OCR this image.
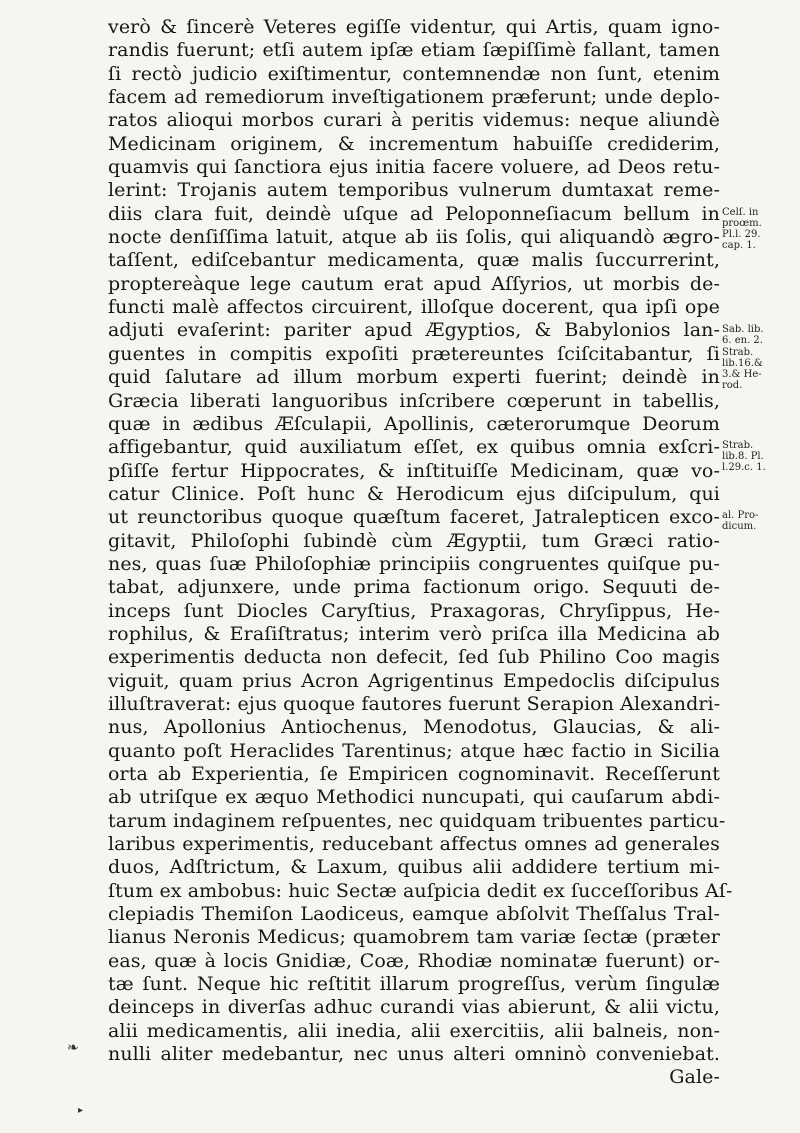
verò & ſincerè Veteres egiſſe videntur, qui Artis, quam igno-
randis fuerunt; etſi autem ipſæ etiam ſæpiſſimè fallant, tamen
ſi rectò judicio exiſtimentur, contemnendæ non ſunt, etenim
facem ad remediorum inveſtigationem præferunt; unde deplo-
ratos alioqui morbos curari à peritis videmus: neque aliundè
Medicinam originem, & incrementum habuiſſe crediderim,
quamvis qui ſanctiora ejus initia facere voluere, ad Deos retu-
lerint: Trojanis autem temporibus vulnerum dumtaxat reme-
diis clara fuit, deindè uſque ad Peloponneſiacum bellum in
nocte denſiſſima latuit, atque ab iis ſolis, qui aliquandò ægro-
taſſent, ediſcebantur medicamenta, quæ malis ſuccurrerint,
proptereàque lege cautum erat apud Aſſyrios, ut morbis de-
functi malè affectos circuirent, illoſque docerent, qua ipſi ope
adjuti evaſerint: pariter apud Ægyptios, & Babylonios lan-
guentes in compitis expoſiti prætereuntes ſciſcitabantur, ſi
quid ſalutare ad illum morbum experti fuerint; deindè in
Græcia liberati languoribus inſcribere cœperunt in tabellis,
quæ in ædibus Æſculapii, Apollinis, cæterorumque Deorum
affigebantur, quid auxiliatum eſſet, ex quibus omnia exſcri-
pſiſſe fertur Hippocrates, & inſtituiſſe Medicinam, quæ vo-
catur Clinice. Poſt hunc & Herodicum ejus diſcipulum, qui
ut reunctoribus quoque quæſtum faceret, Jatralepticen exco-
gitavit, Philoſophi ſubindè cùm Ægyptii, tum Græci ratio-
nes, quas ſuæ Philoſophiæ principiis congruentes quiſque pu-
tabat, adjunxere, unde prima factionum origo. Sequuti de-
inceps ſunt Diocles Caryſtius, Praxagoras, Chryſippus, He-
rophilus, & Eraſiſtratus; interim verò priſca illa Medicina ab
experimentis deducta non defecit, ſed ſub Philino Coo magis
viguit, quam prius Acron Agrigentinus Empedoclis diſcipulus
illuſtraverat: ejus quoque fautores fuerunt Serapion Alexandri-
nus, Apollonius Antiochenus, Menodotus, Glaucias, & ali-
quanto poſt Heraclides Tarentinus; atque hæc factio in Sicilia
orta ab Experientia, ſe Empiricen cognominavit. Receſſerunt
ab utriſque ex æquo Methodici nuncupati, qui cauſarum abdi-
tarum indaginem reſpuentes, nec quidquam tribuentes particu-
laribus experimentis, reducebant affectus omnes ad generales
duos, Adſtrictum, & Laxum, quibus alii addidere tertium mi-
ſtum ex ambobus: huic Sectæ auſpicia dedit ex ſucceſſoribus Aſ-
clepiadis Themiſon Laodiceus, eamque abſolvit Theſſalus Tral-
lianus Neronis Medicus; quamobrem tam variæ ſectæ (præter
eas, quæ à locis Gnidiæ, Coæ, Rhodiæ nominatæ fuerunt) or-
tæ ſunt. Neque hic reſtitit illarum progreſſus, verùm ſingulæ
deinceps in diverſas adhuc curandi vias abierunt, & alii victu,
alii medicamentis, alii inedia, alii exercitiis, alii balneis, non-
nulli aliter medebantur, nec unus alteri omninò conveniebat.
Gale-
Celſ. in
proœm.
Pl.l. 29.
cap. 1.
Sab. lib.
6. en. 2.
Strab.
lib.16.&
3.& He-
rod.
Strab.
lib.8. Pl.
l.29.c. 1.
al. Pro-
dicum.
❧
▸
